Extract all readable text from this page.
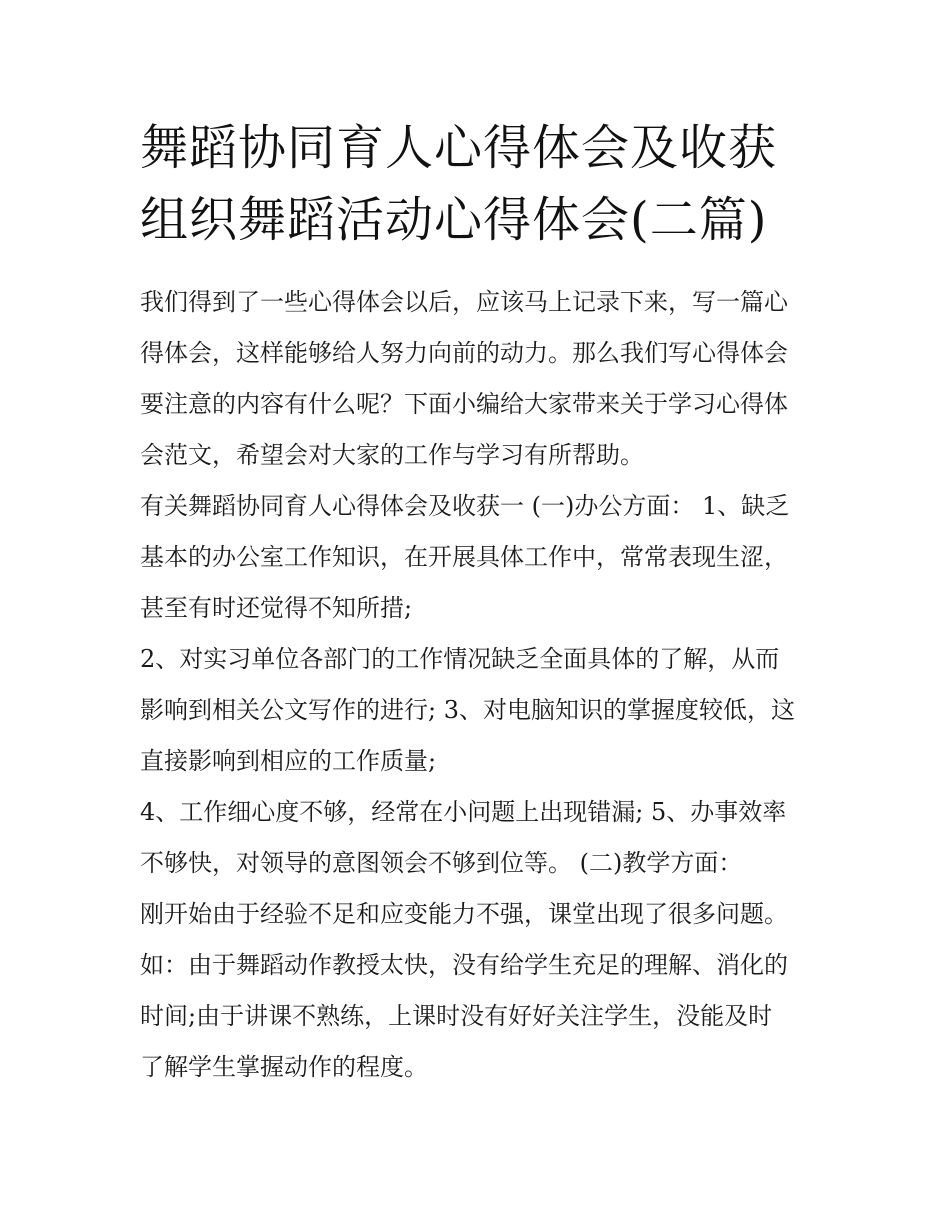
舞蹈协同育人心得体会及收获
组织舞蹈活动心得体会(二篇)
我们得到了一些心得体会以后，应该马上记录下来，写一篇心
得体会，这样能够给人努力向前的动力。那么我们写心得体会
要注意的内容有什么呢？下面小编给大家带来关于学习心得体
会范文，希望会对大家的工作与学习有所帮助。
有关舞蹈协同育人心得体会及收获一 (一)办公方面： 1、缺乏
基本的办公室工作知识，在开展具体工作中，常常表现生涩，
甚至有时还觉得不知所措;
2、对实习单位各部门的工作情况缺乏全面具体的了解，从而
影响到相关公文写作的进行; 3、对电脑知识的掌握度较低，这
直接影响到相应的工作质量;
4、工作细心度不够，经常在小问题上出现错漏; 5、办事效率
不够快，对领导的意图领会不够到位等。 (二)教学方面：
刚开始由于经验不足和应变能力不强，课堂出现了很多问题。
如：由于舞蹈动作教授太快，没有给学生充足的理解、消化的
时间;由于讲课不熟练，上课时没有好好关注学生，没能及时
了解学生掌握动作的程度。
